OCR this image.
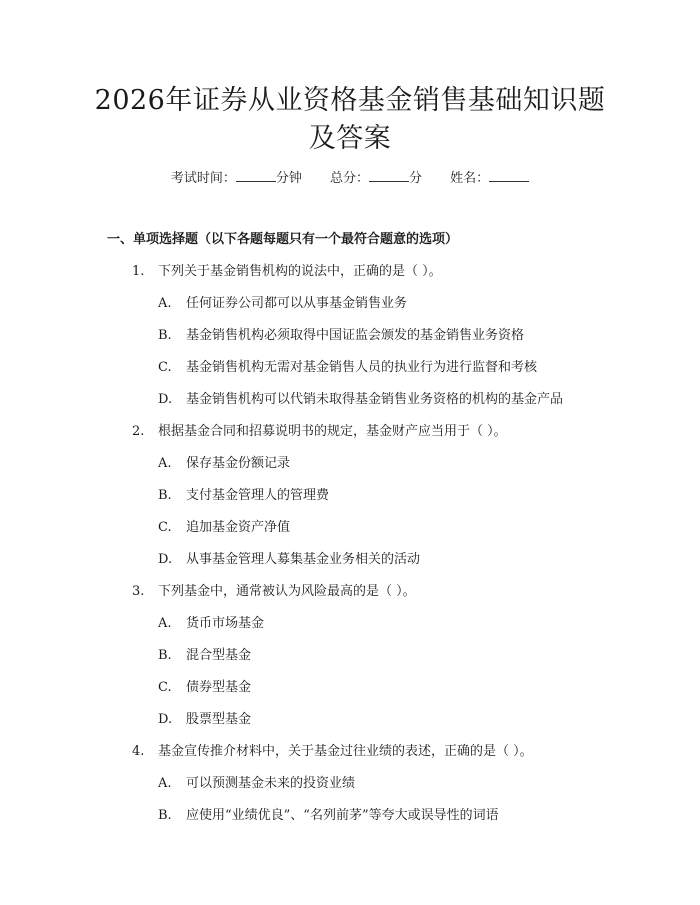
2026年证券从业资格基金销售基础知识题及答案
考试时间：	分钟 总分：	分 姓名：
一、单项选择题（以下各题每题只有一个最符合题意的选项）
1. 下列关于基金销售机构的说法中，正确的是（ ）。
A. 任何证券公司都可以从事基金销售业务
B. 基金销售机构必须取得中国证监会颁发的基金销售业务资格
C. 基金销售机构无需对基金销售人员的执业行为进行监督和考核
D. 基金销售机构可以代销未取得基金销售业务资格的机构的基金产品
2. 根据基金合同和招募说明书的规定，基金财产应当用于（ ）。
A. 保存基金份额记录
B. 支付基金管理人的管理费
C. 追加基金资产净值
D. 从事基金管理人募集基金业务相关的活动
3. 下列基金中，通常被认为风险最高的是（ ）。
A. 货币市场基金
B. 混合型基金
C. 债券型基金
D. 股票型基金
4. 基金宣传推介材料中，关于基金过往业绩的表述，正确的是（ ）。
A. 可以预测基金未来的投资业绩
B. 应使用“业绩优良”、“名列前茅”等夸大或误导性的词语
